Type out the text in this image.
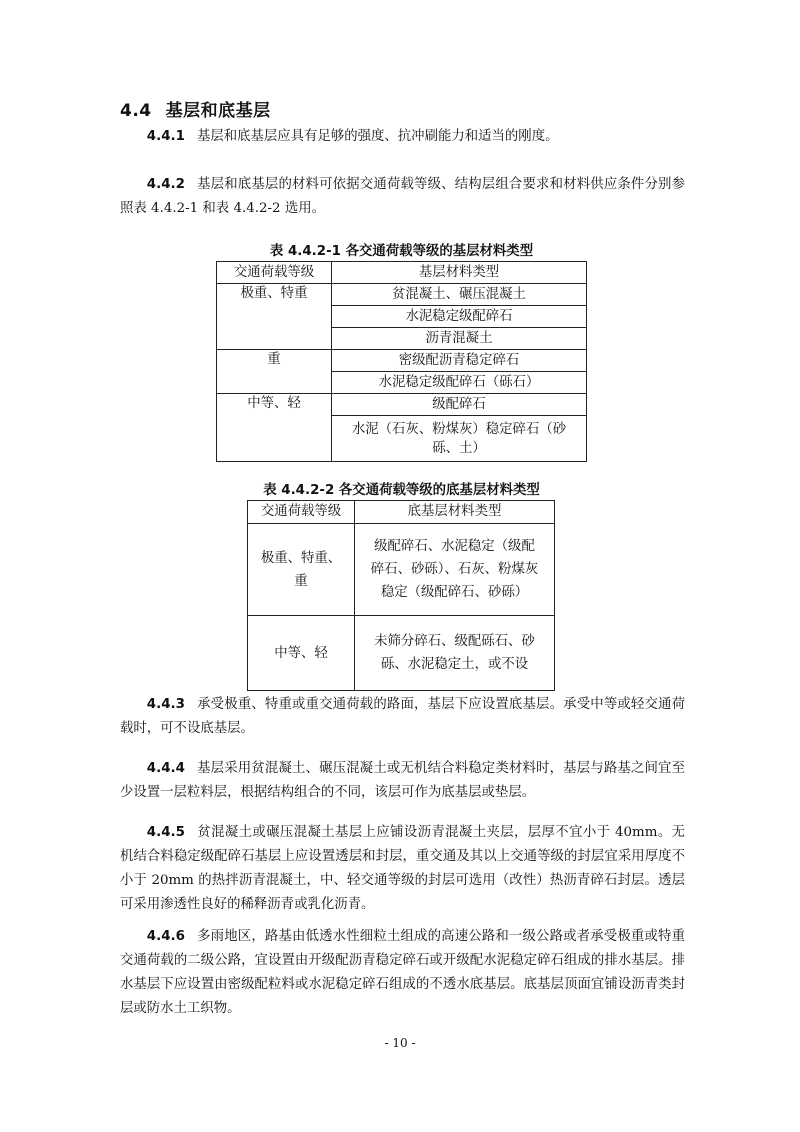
4.4 基层和底基层

4.4.1 基层和底基层应具有足够的强度、抗冲刷能力和适当的刚度。

4.4.2 基层和底基层的材料可依据交通荷载等级、结构层组合要求和材料供应条件分别参照表 4.4.2-1 和表 4.4.2-2 选用。

表 4.4.2-1 各交通荷载等级的基层材料类型
交通荷载等级	基层材料类型
极重、特重	贫混凝土、碾压混凝土
	水泥稳定级配碎石
	沥青混凝土
重	密级配沥青稳定碎石
	水泥稳定级配碎石（砾石）
中等、轻	级配碎石
	水泥（石灰、粉煤灰）稳定碎石（砂砾、土）
表 4.4.2-2 各交通荷载等级的底基层材料类型
交通荷载等级	底基层材料类型
极重、特重、重	级配碎石、水泥稳定（级配碎石、砂砾）、石灰、粉煤灰稳定（级配碎石、砂砾）
中等、轻	未筛分碎石、级配砾石、砂砾、水泥稳定土，或不设

4.4.3 承受极重、特重或重交通荷载的路面，基层下应设置底基层。承受中等或轻交通荷载时，可不设底基层。

4.4.4 基层采用贫混凝土、碾压混凝土或无机结合料稳定类材料时，基层与路基之间宜至少设置一层粒料层，根据结构组合的不同，该层可作为底基层或垫层。

4.4.5 贫混凝土或碾压混凝土基层上应铺设沥青混凝土夹层，层厚不宜小于 40mm。无机结合料稳定级配碎石基层上应设置透层和封层，重交通及其以上交通等级的封层宜采用厚度不小于 20mm 的热拌沥青混凝土，中、轻交通等级的封层可选用（改性）热沥青碎石封层。透层可采用渗透性良好的稀释沥青或乳化沥青。

4.4.6 多雨地区，路基由低透水性细粒土组成的高速公路和一级公路或者承受极重或特重交通荷载的二级公路，宜设置由开级配沥青稳定碎石或开级配水泥稳定碎石组成的排水基层。排水基层下应设置由密级配粒料或水泥稳定碎石组成的不透水底基层。底基层顶面宜铺设沥青类封层或防水土工织物。

- 10 -
